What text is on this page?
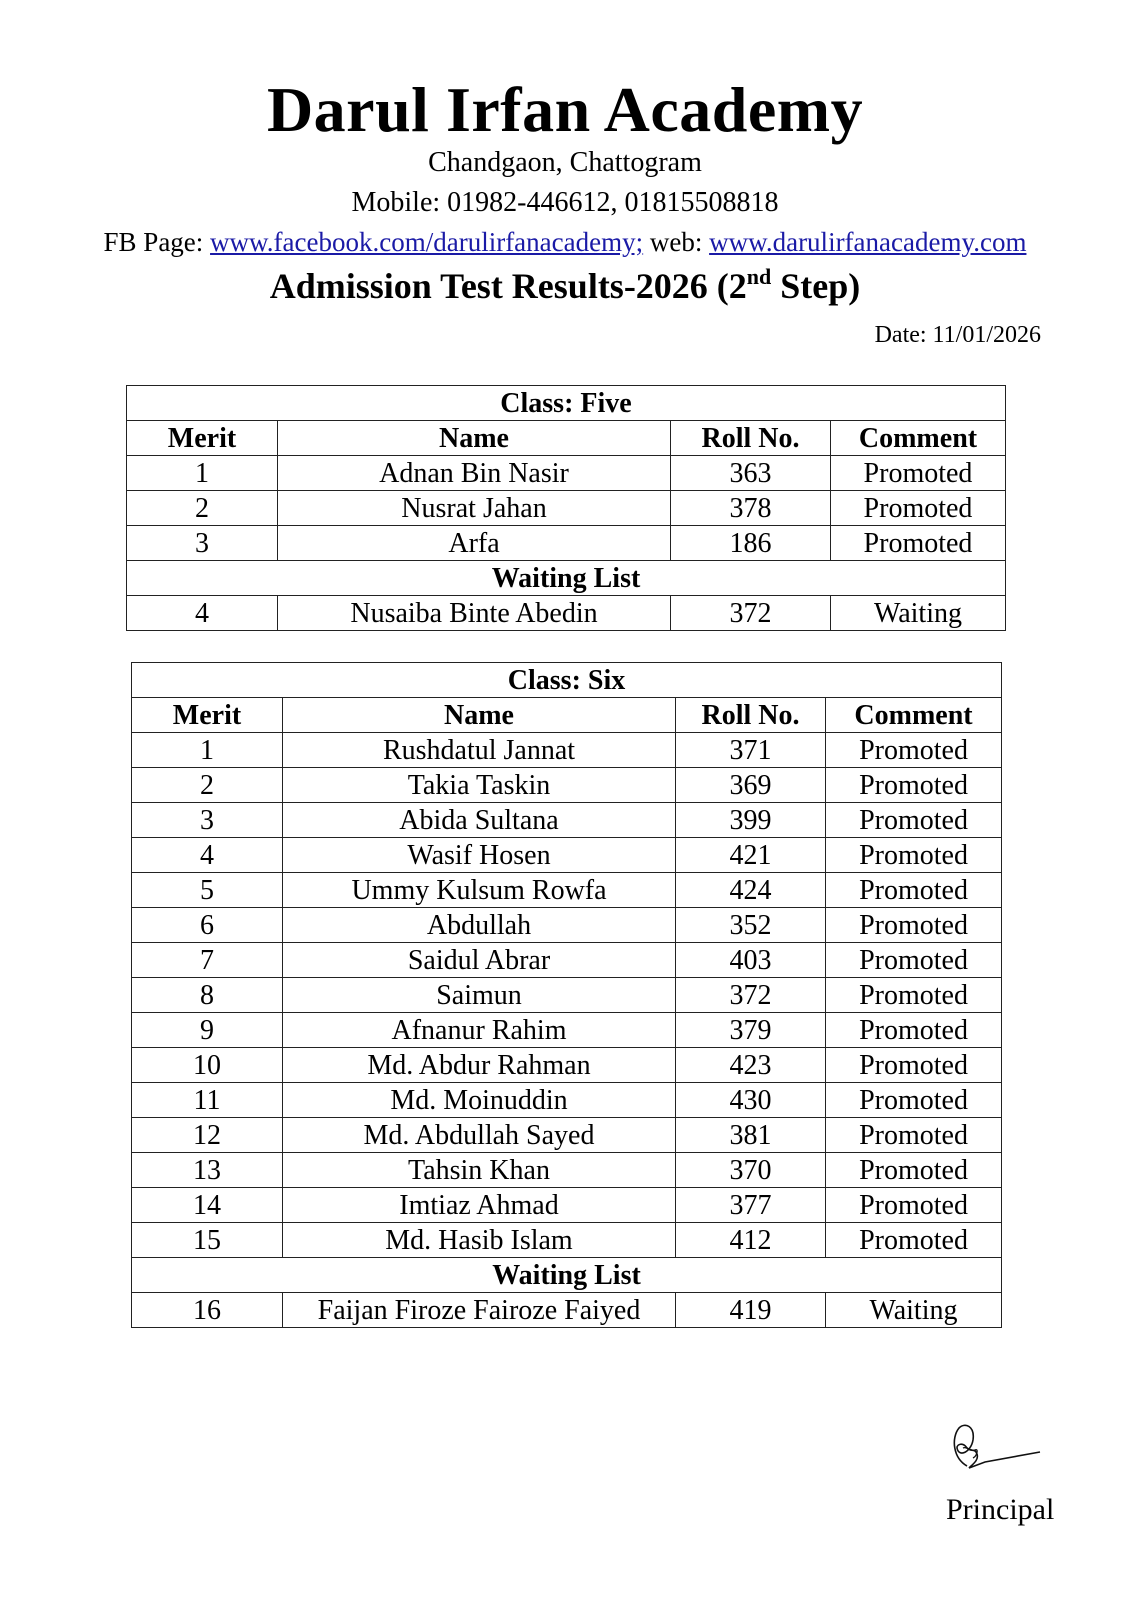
Darul Irfan Academy
Chandgaon, Chattogram
Mobile: 01982-446612, 01815508818
FB Page: www.facebook.com/darulirfanacademy; web: www.darulirfanacademy.com
Admission Test Results-2026 (2nd Step)
Date: 11/01/2026
Class: Five			
Merit	Name	Roll No.	Comment
1	Adnan Bin Nasir	363	Promoted
2	Nusrat Jahan	378	Promoted
3	Arfa	186	Promoted
Waiting List			
4	Nusaiba Binte Abedin	372	Waiting
Class: Six			
Merit	Name	Roll No.	Comment
1	Rushdatul Jannat	371	Promoted
2	Takia Taskin	369	Promoted
3	Abida Sultana	399	Promoted
4	Wasif Hosen	421	Promoted
5	Ummy Kulsum Rowfa	424	Promoted
6	Abdullah	352	Promoted
7	Saidul Abrar	403	Promoted
8	Saimun	372	Promoted
9	Afnanur Rahim	379	Promoted
10	Md. Abdur Rahman	423	Promoted
11	Md. Moinuddin	430	Promoted
12	Md. Abdullah Sayed	381	Promoted
13	Tahsin Khan	370	Promoted
14	Imtiaz Ahmad	377	Promoted
15	Md. Hasib Islam	412	Promoted
Waiting List			
16	Faijan Firoze Fairoze Faiyed	419	Waiting
Principal
